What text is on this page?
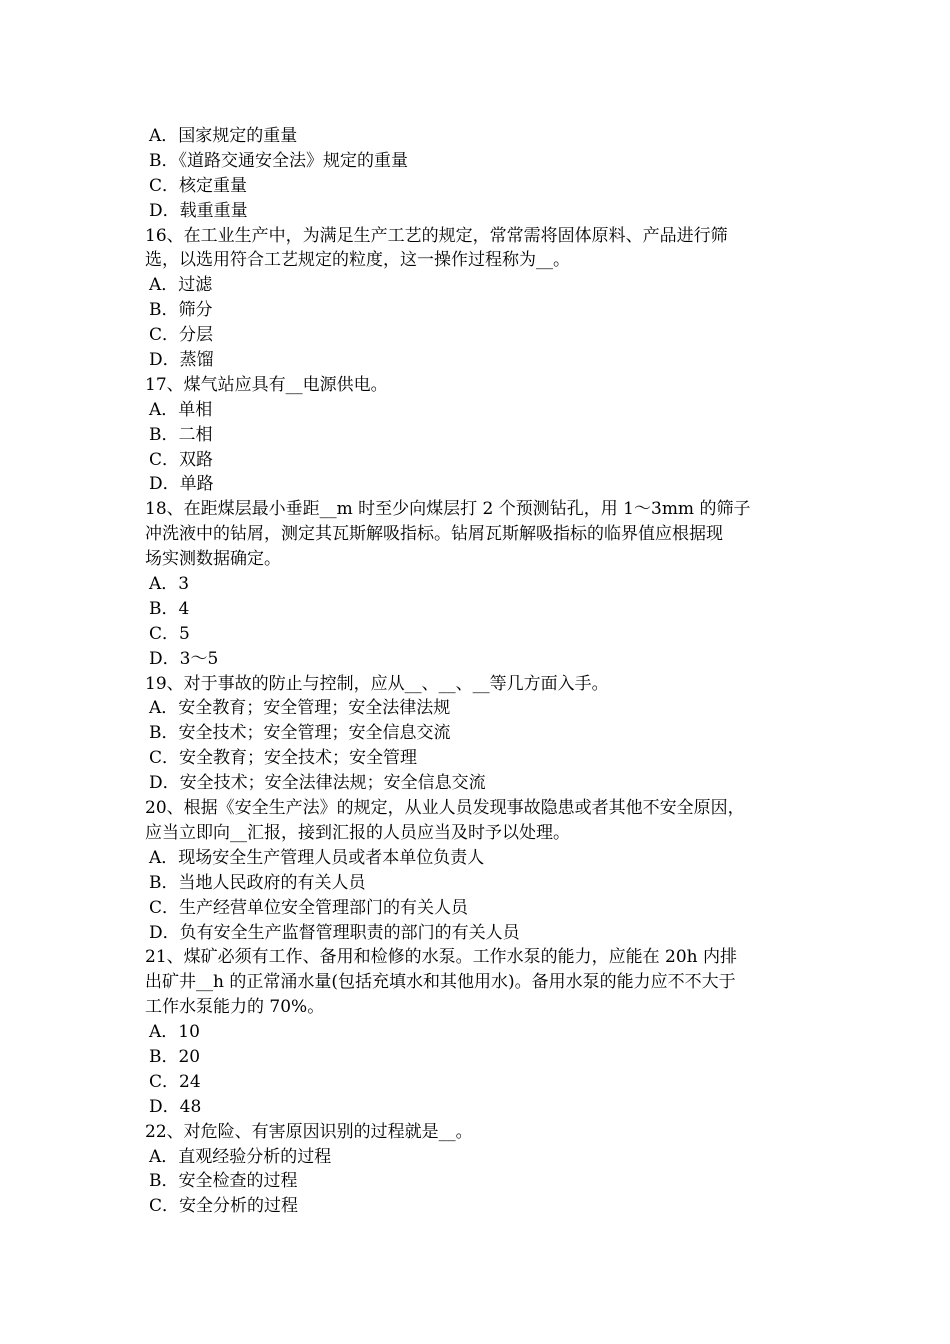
A．国家规定的重量
B．《道路交通安全法》规定的重量
C．核定重量
D．载重重量
16、在工业生产中，为满足生产工艺的规定，常常需将固体原料、产品进行筛
选，以选用符合工艺规定的粒度，这一操作过程称为__。
A．过滤
B．筛分
C．分层
D．蒸馏
17、煤气站应具有__电源供电。
A．单相
B．二相
C．双路
D．单路
18、在距煤层最小垂距__m 时至少向煤层打 2 个预测钻孔，用 1～3mm 的筛子
冲洗液中的钻屑，测定其瓦斯解吸指标。钻屑瓦斯解吸指标的临界值应根据现
场实测数据确定。
A．3
B．4
C．5
D．3～5
19、对于事故的防止与控制，应从__、__、__等几方面入手。
A．安全教育；安全管理；安全法律法规
B．安全技术；安全管理；安全信息交流
C．安全教育；安全技术；安全管理
D．安全技术；安全法律法规；安全信息交流
20、根据《安全生产法》的规定，从业人员发现事故隐患或者其他不安全原因，
应当立即向__汇报，接到汇报的人员应当及时予以处理。
A．现场安全生产管理人员或者本单位负责人
B．当地人民政府的有关人员
C．生产经营单位安全管理部门的有关人员
D．负有安全生产监督管理职责的部门的有关人员
21、煤矿必须有工作、备用和检修的水泵。工作水泵的能力，应能在 20h 内排
出矿井__h 的正常涌水量(包括充填水和其他用水)。备用水泵的能力应不不大于
工作水泵能力的 70%。
A．10
B．20
C．24
D．48
22、对危险、有害原因识别的过程就是__。
A．直观经验分析的过程
B．安全检查的过程
C．安全分析的过程
